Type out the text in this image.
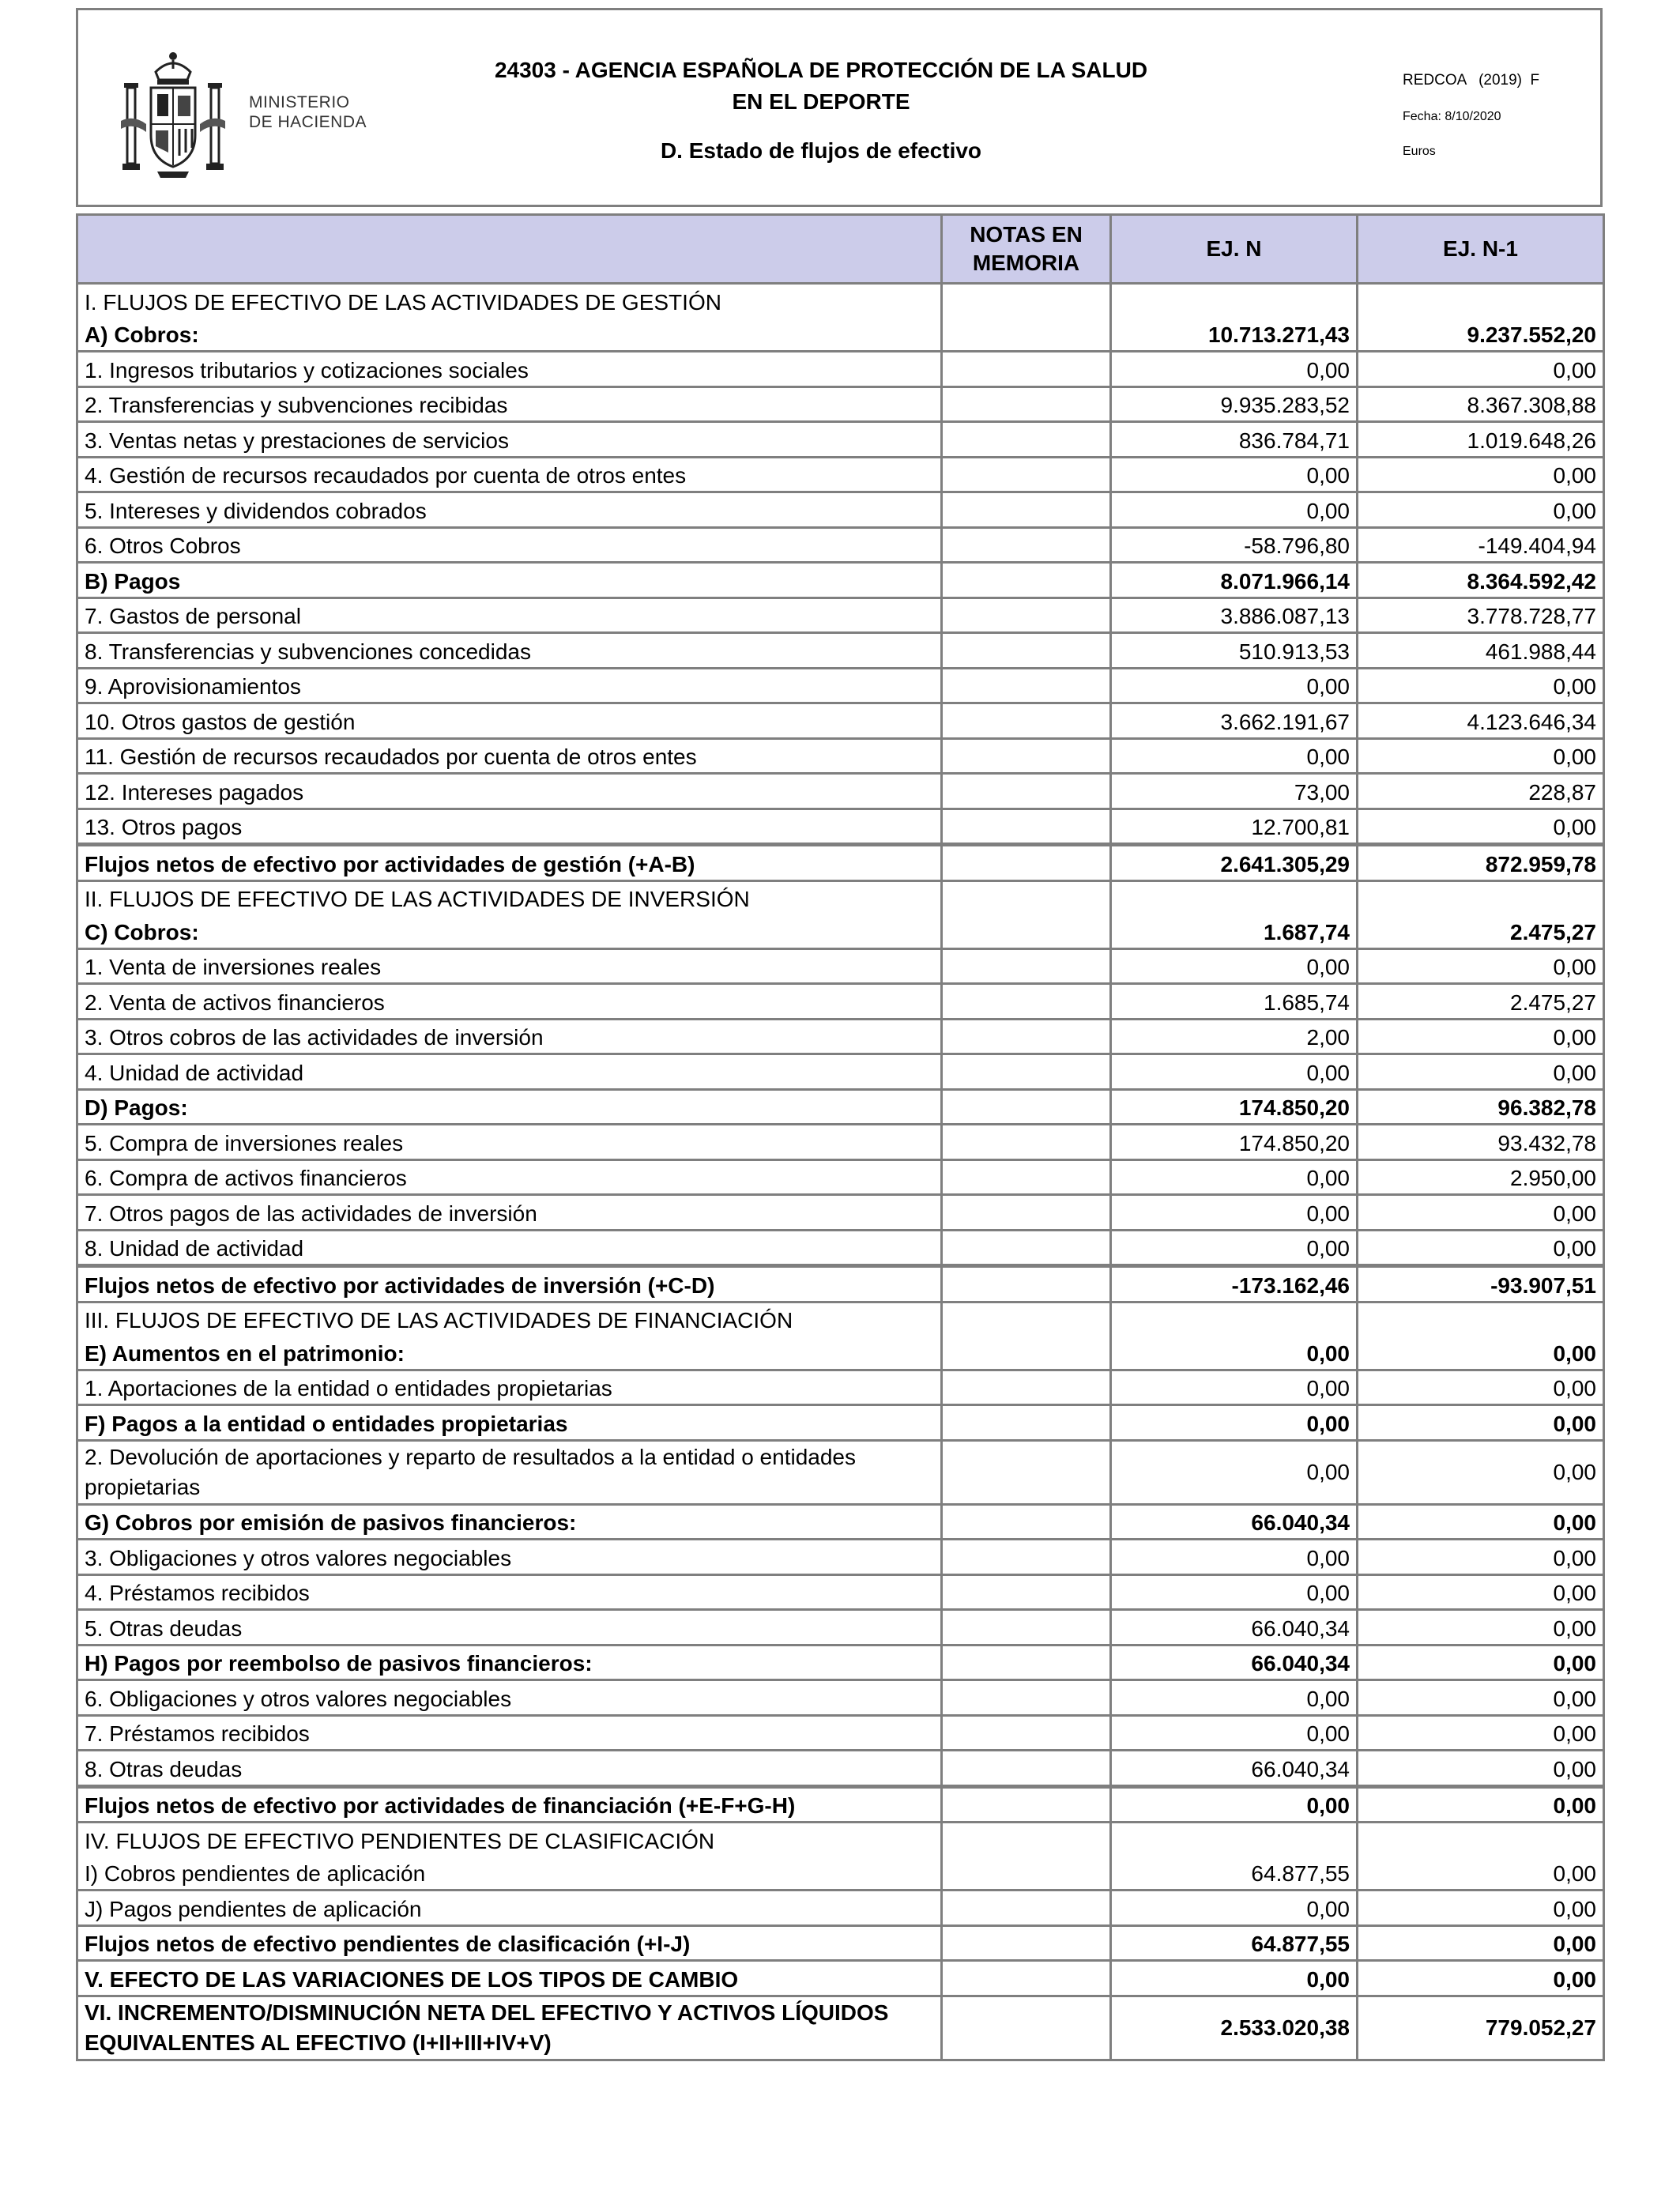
MINISTERIO
DE HACIENDA
24303 - AGENCIA ESPAÑOLA DE PROTECCIÓN DE LA SALUD EN EL DEPORTE
D. Estado de flujos de efectivo
REDCOA   (2019)  F
Fecha: 8/10/2020
Euros
	NOTAS EN MEMORIA	EJ. N	EJ. N-1
I. FLUJOS DE EFECTIVO DE LAS ACTIVIDADES DE GESTIÓN			
A) Cobros:		10.713.271,43	9.237.552,20
1. Ingresos tributarios y cotizaciones sociales		0,00	0,00
2. Transferencias y subvenciones recibidas		9.935.283,52	8.367.308,88
3. Ventas netas y prestaciones de servicios		836.784,71	1.019.648,26
4. Gestión de recursos recaudados por cuenta de otros entes		0,00	0,00
5. Intereses y dividendos cobrados		0,00	0,00
6. Otros Cobros		-58.796,80	-149.404,94
B) Pagos		8.071.966,14	8.364.592,42
7. Gastos de personal		3.886.087,13	3.778.728,77
8. Transferencias y subvenciones concedidas		510.913,53	461.988,44
9. Aprovisionamientos		0,00	0,00
10. Otros gastos de gestión		3.662.191,67	4.123.646,34
11. Gestión de recursos recaudados por cuenta de otros entes		0,00	0,00
12. Intereses pagados		73,00	228,87
13. Otros pagos		12.700,81	0,00
Flujos netos de efectivo por actividades de gestión (+A-B)		2.641.305,29	872.959,78
II. FLUJOS DE EFECTIVO DE LAS ACTIVIDADES DE INVERSIÓN			
C) Cobros:		1.687,74	2.475,27
1. Venta de inversiones reales		0,00	0,00
2. Venta de activos financieros		1.685,74	2.475,27
3. Otros cobros de las actividades de inversión		2,00	0,00
4. Unidad de actividad		0,00	0,00
D) Pagos:		174.850,20	96.382,78
5. Compra de inversiones reales		174.850,20	93.432,78
6. Compra de activos financieros		0,00	2.950,00
7. Otros pagos de las actividades de inversión		0,00	0,00
8. Unidad de actividad		0,00	0,00
Flujos netos de efectivo por actividades de inversión (+C-D)		-173.162,46	-93.907,51
III. FLUJOS DE EFECTIVO DE LAS ACTIVIDADES DE FINANCIACIÓN			
E) Aumentos en el patrimonio:		0,00	0,00
1. Aportaciones de la entidad o entidades propietarias		0,00	0,00
F) Pagos a la entidad o entidades propietarias		0,00	0,00
2. Devolución de aportaciones y reparto de resultados a la entidad o entidades propietarias		0,00	0,00
G) Cobros por emisión de pasivos financieros:		66.040,34	0,00
3. Obligaciones y otros valores negociables		0,00	0,00
4. Préstamos recibidos		0,00	0,00
5. Otras deudas		66.040,34	0,00
H) Pagos por reembolso de pasivos financieros:		66.040,34	0,00
6. Obligaciones y otros valores negociables		0,00	0,00
7. Préstamos recibidos		0,00	0,00
8. Otras deudas		66.040,34	0,00
Flujos netos de efectivo por actividades de financiación (+E-F+G-H)		0,00	0,00
IV. FLUJOS DE EFECTIVO PENDIENTES DE CLASIFICACIÓN			
I) Cobros pendientes de aplicación		64.877,55	0,00
J) Pagos pendientes de aplicación		0,00	0,00
Flujos netos de efectivo pendientes de clasificación (+I-J)		64.877,55	0,00
V. EFECTO DE LAS VARIACIONES DE LOS TIPOS DE CAMBIO		0,00	0,00
VI. INCREMENTO/DISMINUCIÓN NETA DEL EFECTIVO Y ACTIVOS LÍQUIDOS EQUIVALENTES AL EFECTIVO (I+II+III+IV+V)		2.533.020,38	779.052,27
